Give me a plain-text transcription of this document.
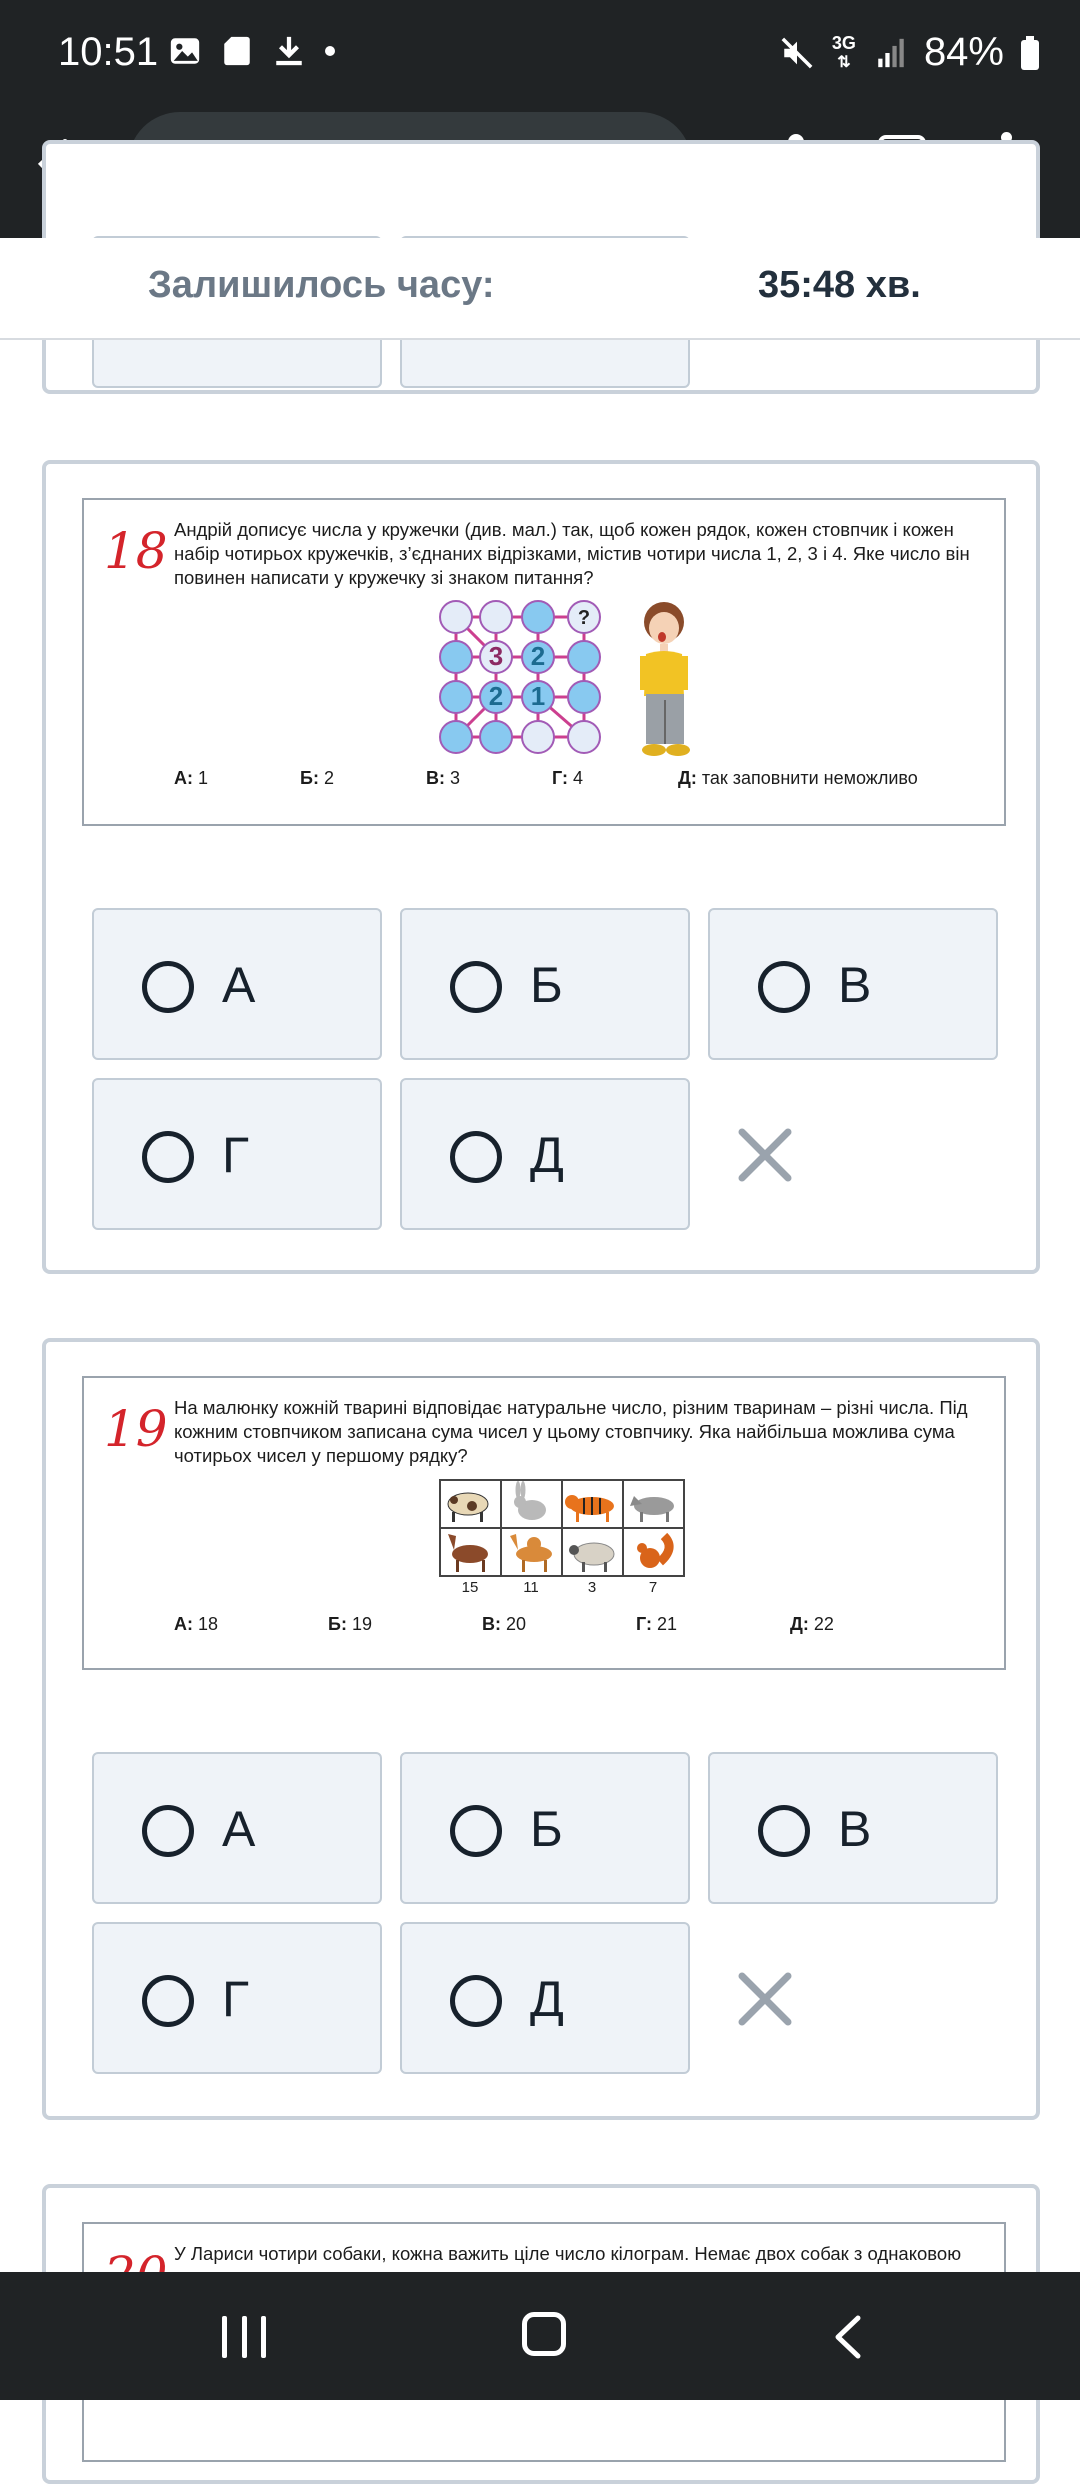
10:51	3G
⇅ 84%
Залишилось часу:	35:48 хв.
18 Андрій дописує числа у кружечки (див. мал.) так, щоб кожен рядок, кожен стовпчик і кожен набір чотирьох кружечків, з’єднаних відрізками, містив чотири числа 1, 2, 3 і 4. Яке число він повинен написати у кружечку зі знаком питання?
?
3 2
2 1
А: 1	Б: 2	В: 3	Г: 4	Д: так заповнити неможливо
А	Б	В
Г	Д
19 На малюнку кожній тварині відповідає натуральне число, різним тваринам – різні числа. Під кожним стовпчиком записана сума чисел у цьому стовпчику. Яка найбільша можлива сума чотирьох чисел у першому рядку?
15	11	3	7
А: 18	Б: 19	В: 20	Г: 21	Д: 22
А	Б	В
Г	Д
У Лариси чотири собаки, кожна важить ціле число кілограм. Немає двох собак з однаковою
